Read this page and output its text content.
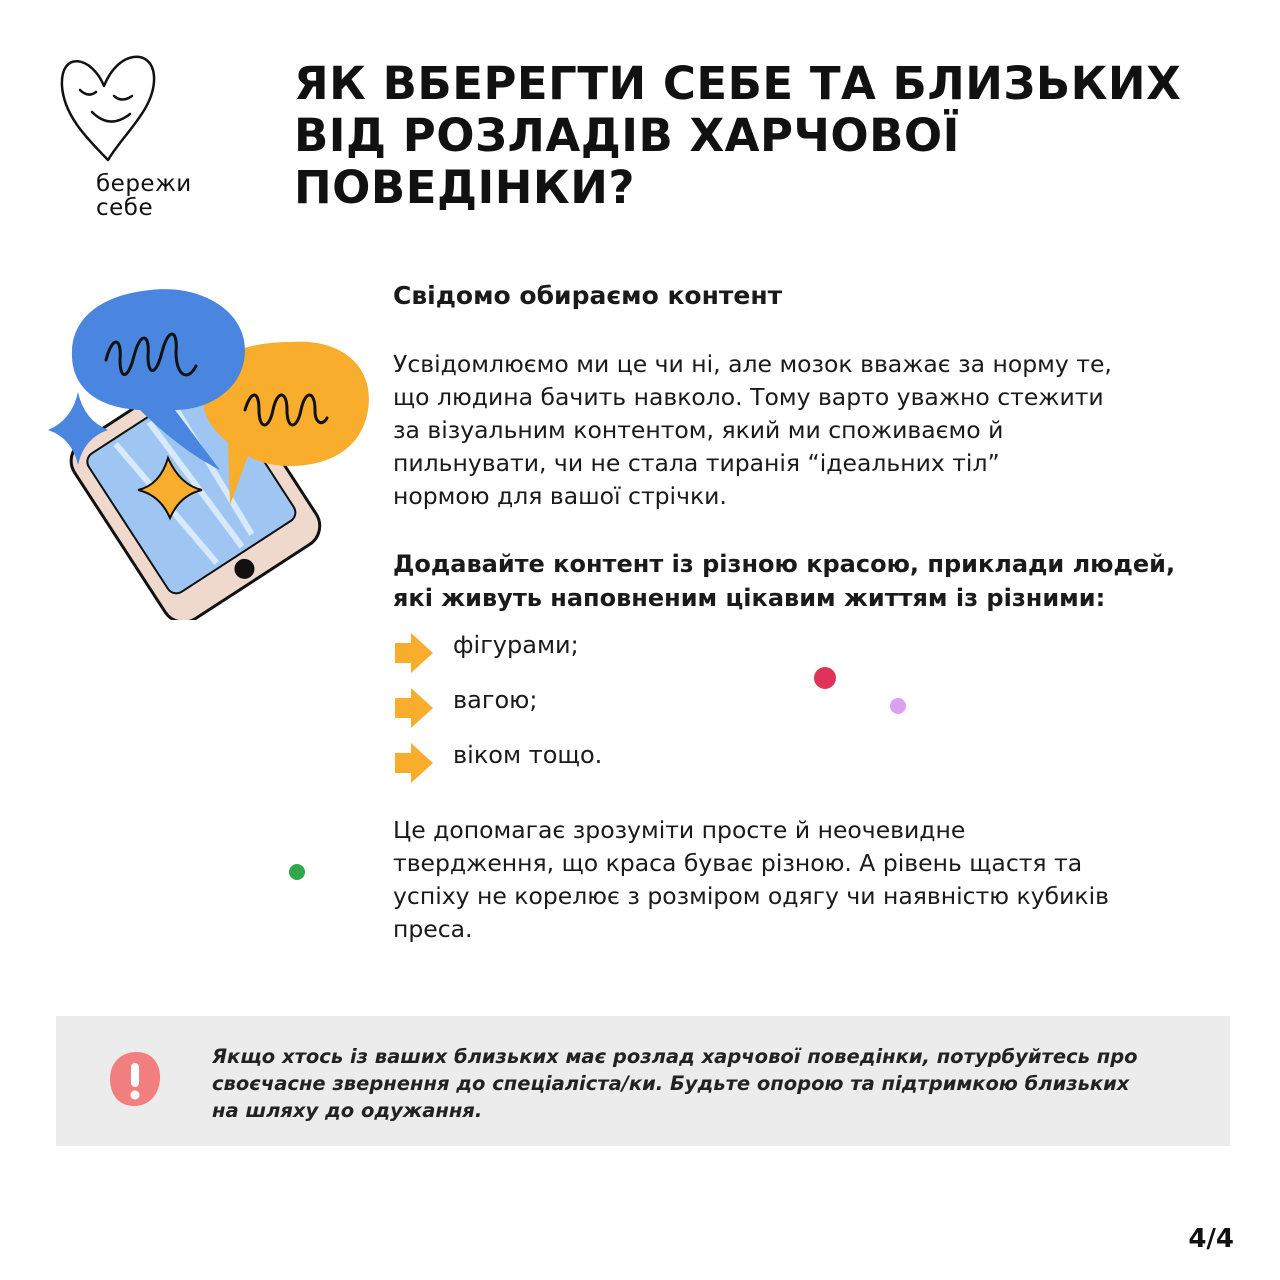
бережи
себе
ЯК ВБЕРЕГТИ СЕБЕ ТА БЛИЗЬКИХ
ВІД РОЗЛАДІВ ХАРЧОВОЇ
ПОВЕДІНКИ?
Свідомо обираємо контент
Усвідомлюємо ми це чи ні, але мозок вважає за норму те,
що людина бачить навколо. Тому варто уважно стежити
за візуальним контентом, який ми споживаємо й
пильнувати, чи не стала тиранія “ідеальних тіл”
нормою для вашої стрічки.
Додавайте контент із різною красою, приклади людей,
які живуть наповненим цікавим життям із різними:
фігурами;
вагою;
віком тощо.
Це допомагає зрозуміти просте й неочевидне
твердження, що краса буває різною. А рівень щастя та
успіху не корелює з розміром одягу чи наявністю кубиків
преса.
Якщо хтось із ваших близьких має розлад харчової поведінки, потурбуйтесь про
своєчасне звернення до спеціаліста/ки. Будьте опорою та підтримкою близьких
на шляху до одужання.
4/4
